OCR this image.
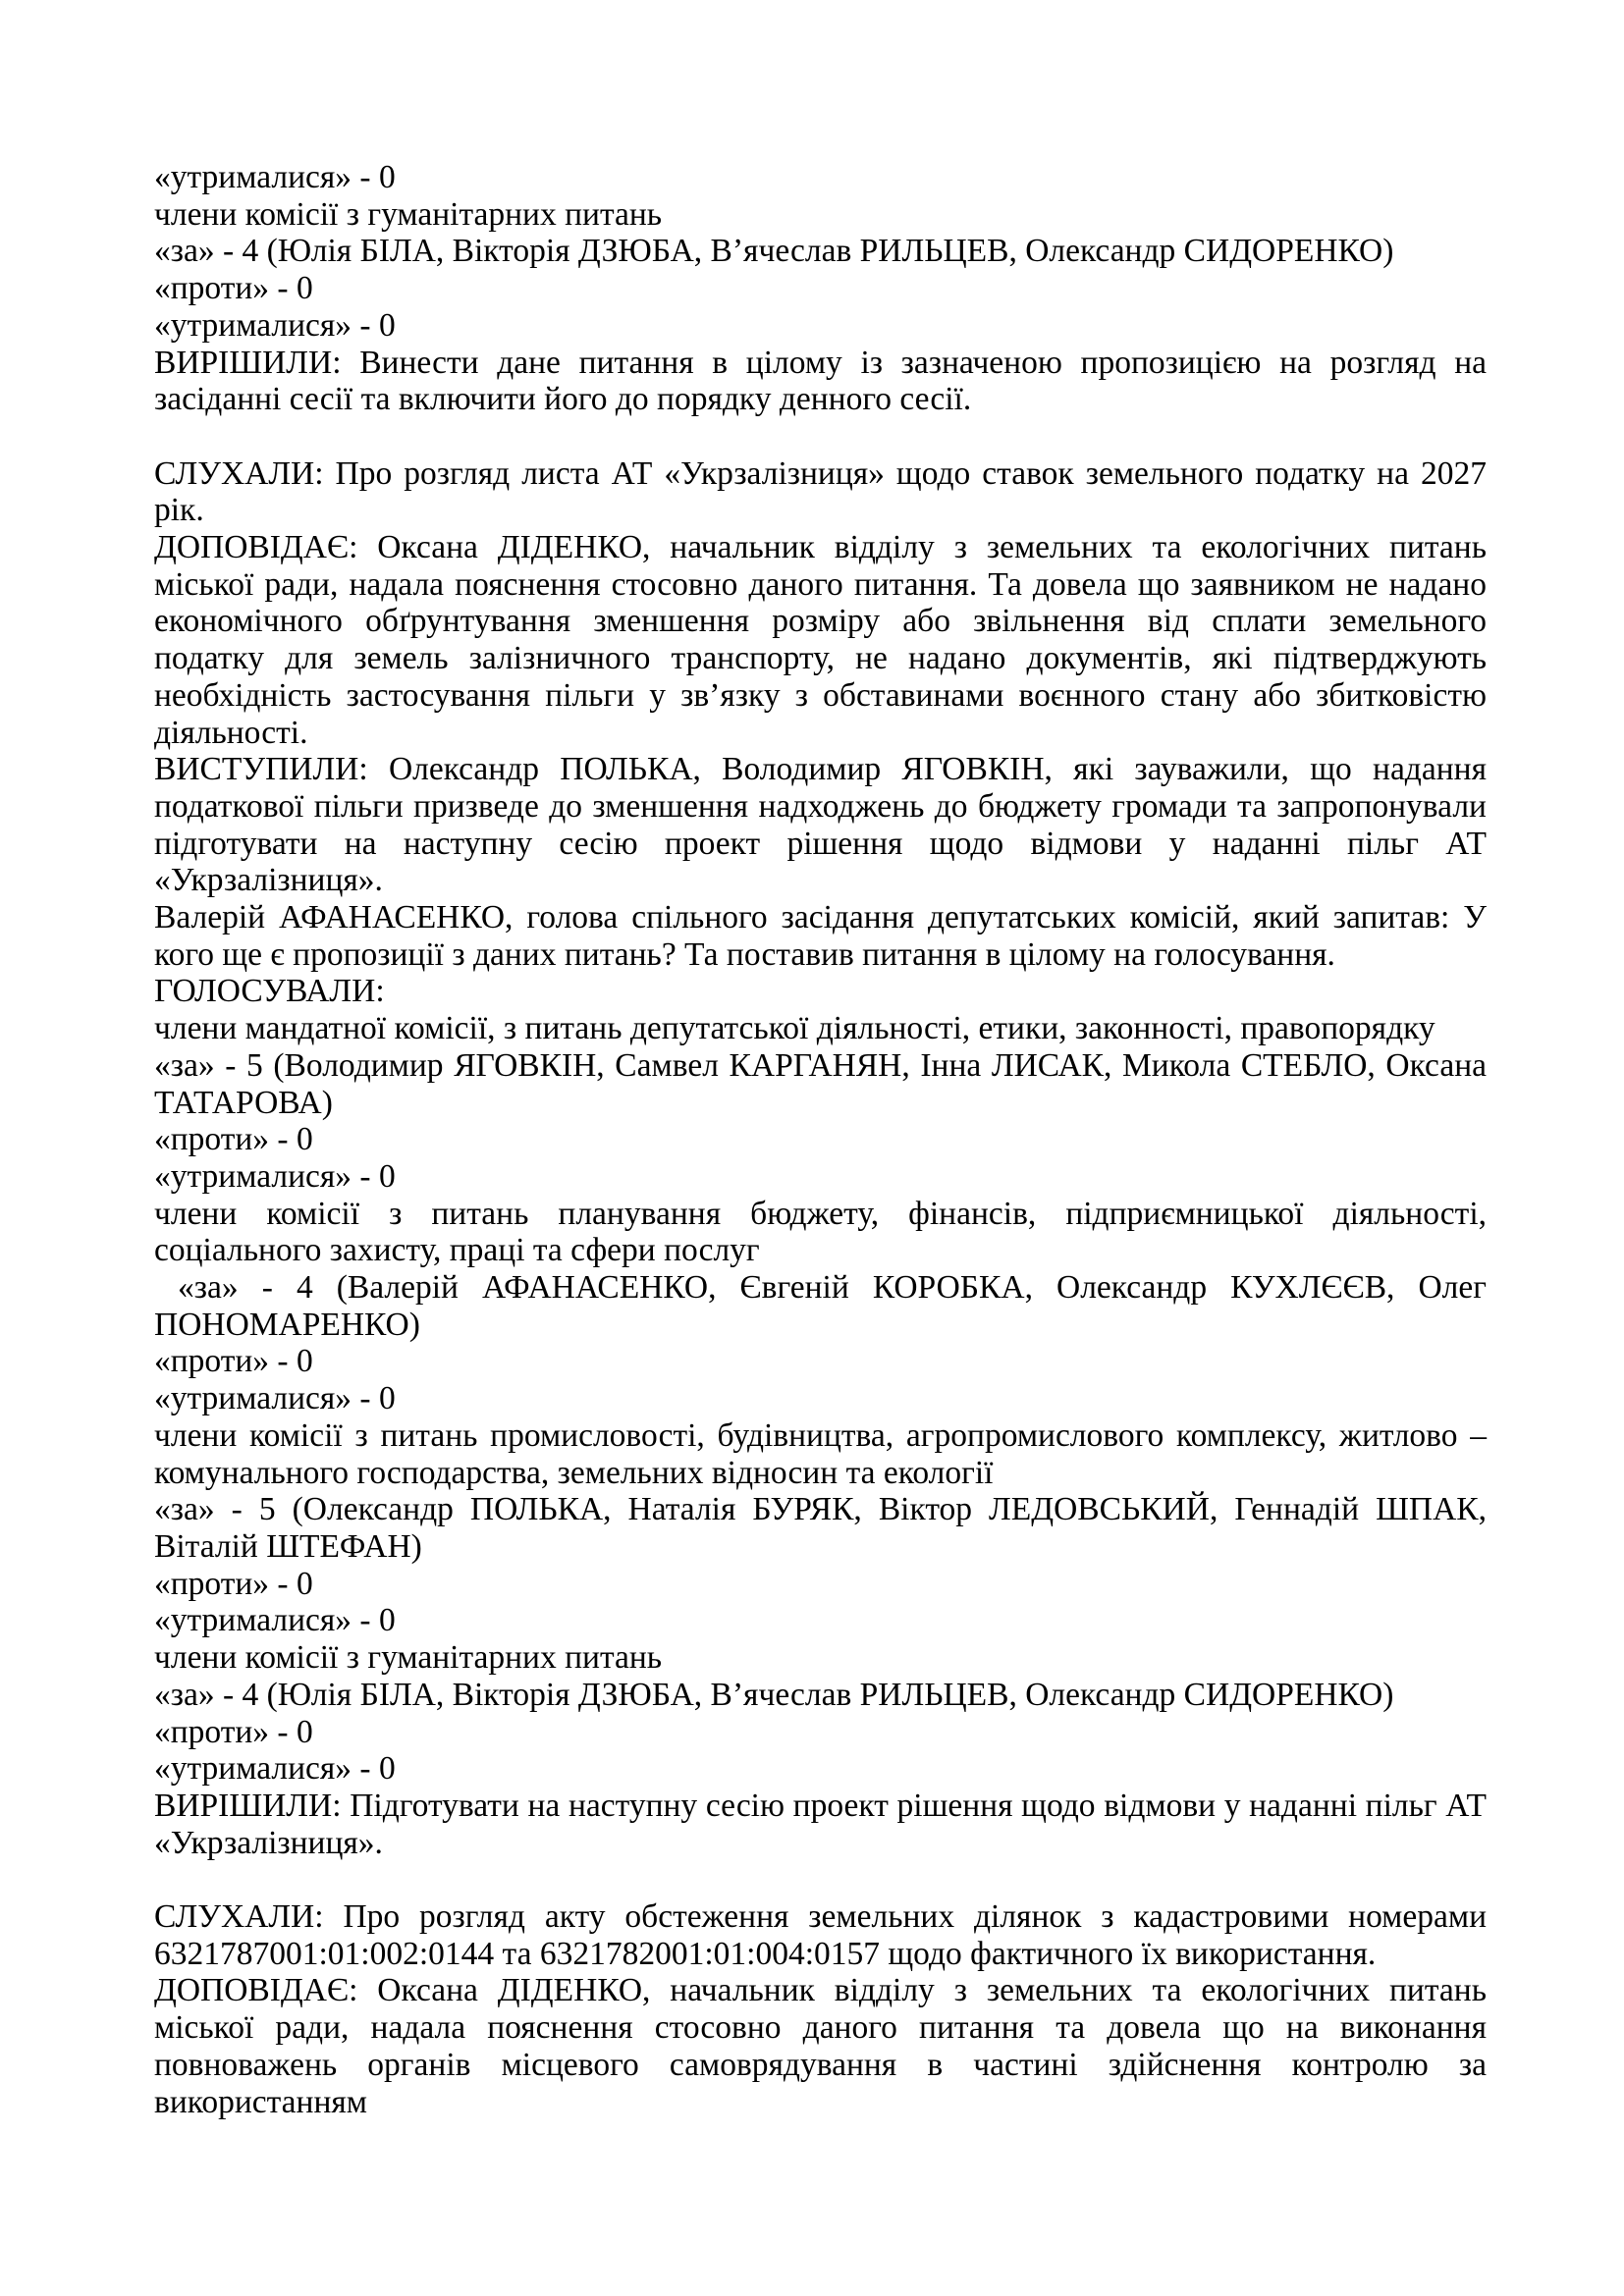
«утрималися» - 0

члени комісії з гуманітарних питань

«за» - 4 (Юлія БІЛА, Вікторія ДЗЮБА, В’ячеслав РИЛЬЦЕВ, Олександр СИДОРЕНКО)

«проти» - 0

«утрималися» - 0

ВИРІШИЛИ: Винести дане питання в цілому із зазначеною пропозицією на розгляд на засіданні сесії та включити його до порядку денного сесії.

СЛУХАЛИ: Про розгляд листа АТ «Укрзалізниця» щодо ставок земельного податку на 2027 рік.

ДОПОВІДАЄ: Оксана ДІДЕНКО, начальник відділу з земельних та екологічних питань міської ради, надала пояснення стосовно даного питання. Та довела що заявником не надано економічного обґрунтування зменшення розміру або звільнення від сплати земельного податку для земель залізничного транспорту, не надано документів, які підтверджують необхідність застосування пільги у зв’язку з обставинами воєнного стану або збитковістю діяльності.

ВИСТУПИЛИ: Олександр ПОЛЬКА, Володимир ЯГОВКІН, які зауважили, що надання податкової пільги призведе до зменшення надходжень до бюджету громади та запропонували підготувати на наступну сесію проект рішення щодо відмови у наданні пільг АТ «Укрзалізниця».

Валерій АФАНАСЕНКО, голова спільного засідання депутатських комісій, який запитав: У кого ще є пропозиції з даних питань? Та поставив питання в цілому на голосування.

ГОЛОСУВАЛИ:

члени мандатної комісії, з питань депутатської діяльності, етики, законності, правопорядку

«за» - 5 (Володимир ЯГОВКІН, Самвел КАРГАНЯН, Інна ЛИСАК, Микола СТЕБЛО, Оксана ТАТАРОВА)

«проти» - 0

«утрималися» - 0

члени комісії з питань планування бюджету, фінансів, підприємницької діяльності, соціального захисту, праці та сфери послуг

«за» - 4 (Валерій АФАНАСЕНКО, Євгеній КОРОБКА, Олександр КУХЛЄЄВ, Олег ПОНОМАРЕНКО)

«проти» - 0

«утрималися» - 0

члени комісії з питань промисловості, будівництва, агропромислового комплексу, житлово – комунального господарства, земельних відносин та екології

«за» - 5 (Олександр ПОЛЬКА, Наталія БУРЯК, Віктор ЛЕДОВСЬКИЙ, Геннадій ШПАК, Віталій ШТЕФАН)

«проти» - 0

«утрималися» - 0

члени комісії з гуманітарних питань

«за» - 4 (Юлія БІЛА, Вікторія ДЗЮБА, В’ячеслав РИЛЬЦЕВ, Олександр СИДОРЕНКО)

«проти» - 0

«утрималися» - 0

ВИРІШИЛИ: Підготувати на наступну сесію проект рішення щодо відмови у наданні пільг АТ «Укрзалізниця».

СЛУХАЛИ: Про розгляд акту обстеження земельних ділянок з кадастровими номерами 6321787001:01:002:0144 та 6321782001:01:004:0157 щодо фактичного їх використання.

ДОПОВІДАЄ: Оксана ДІДЕНКО, начальник відділу з земельних та екологічних питань міської ради, надала пояснення стосовно даного питання та довела що на виконання повноважень органів місцевого самоврядування в частині здійснення контролю за використанням
